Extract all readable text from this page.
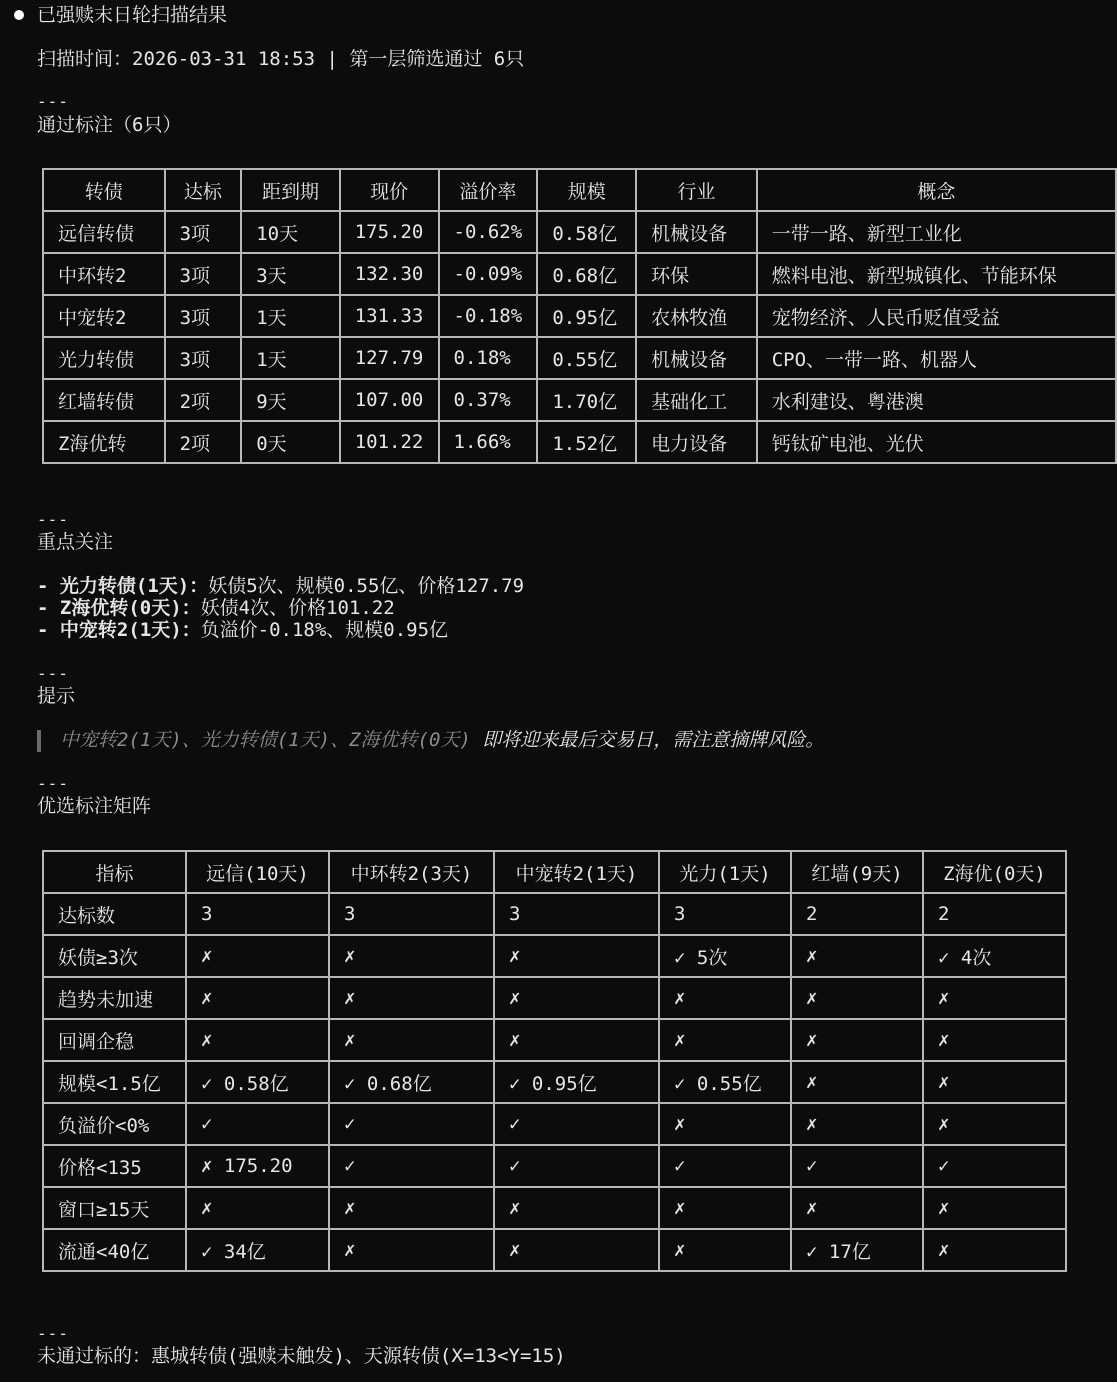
已强赎末日轮扫描结果
扫描时间：2026-03-31 18:53 | 第一层筛选通过 6只
---
通过标注（6只）
转债	达标	距到期	现价	溢价率	规模	行业	概念
远信转债	3项	10天	175.20	-0.62%	0.58亿	机械设备	一带一路、新型工业化
中环转2	3项	3天	132.30	-0.09%	0.68亿	环保	燃料电池、新型城镇化、节能环保
中宠转2	3项	1天	131.33	-0.18%	0.95亿	农林牧渔	宠物经济、人民币贬值受益
光力转债	3项	1天	127.79	0.18%	0.55亿	机械设备	CPO、一带一路、机器人
红墙转债	2项	9天	107.00	0.37%	1.70亿	基础化工	水利建设、粤港澳
Z海优转	2项	0天	101.22	1.66%	1.52亿	电力设备	钙钛矿电池、光伏
---
重点关注
- 光力转债(1天)：妖债5次、规模0.55亿、价格127.79
- Z海优转(0天)：妖债4次、价格101.22
- 中宠转2(1天)：负溢价-0.18%、规模0.95亿
---
提示
中宠转2(1天)、光力转债(1天)、Z海优转(0天) 即将迎来最后交易日，需注意摘牌风险。
---
优选标注矩阵
指标	远信(10天)	中环转2(3天)	中宠转2(1天)	光力(1天)	红墙(9天)	Z海优(0天)
达标数	3	3	3	3	2	2
妖债≥3次	✗	✗	✗	✓ 5次	✗	✓ 4次
趋势未加速	✗	✗	✗	✗	✗	✗
回调企稳	✗	✗	✗	✗	✗	✗
规模<1.5亿	✓ 0.58亿	✓ 0.68亿	✓ 0.95亿	✓ 0.55亿	✗	✗
负溢价<0%	✓	✓	✓	✗	✗	✗
价格<135	✗ 175.20	✓	✓	✓	✓	✓
窗口≥15天	✗	✗	✗	✗	✗	✗
流通<40亿	✓ 34亿	✗	✗	✗	✓ 17亿	✗
---
未通过标的：惠城转债(强赎未触发)、天源转债(X=13<Y=15)
